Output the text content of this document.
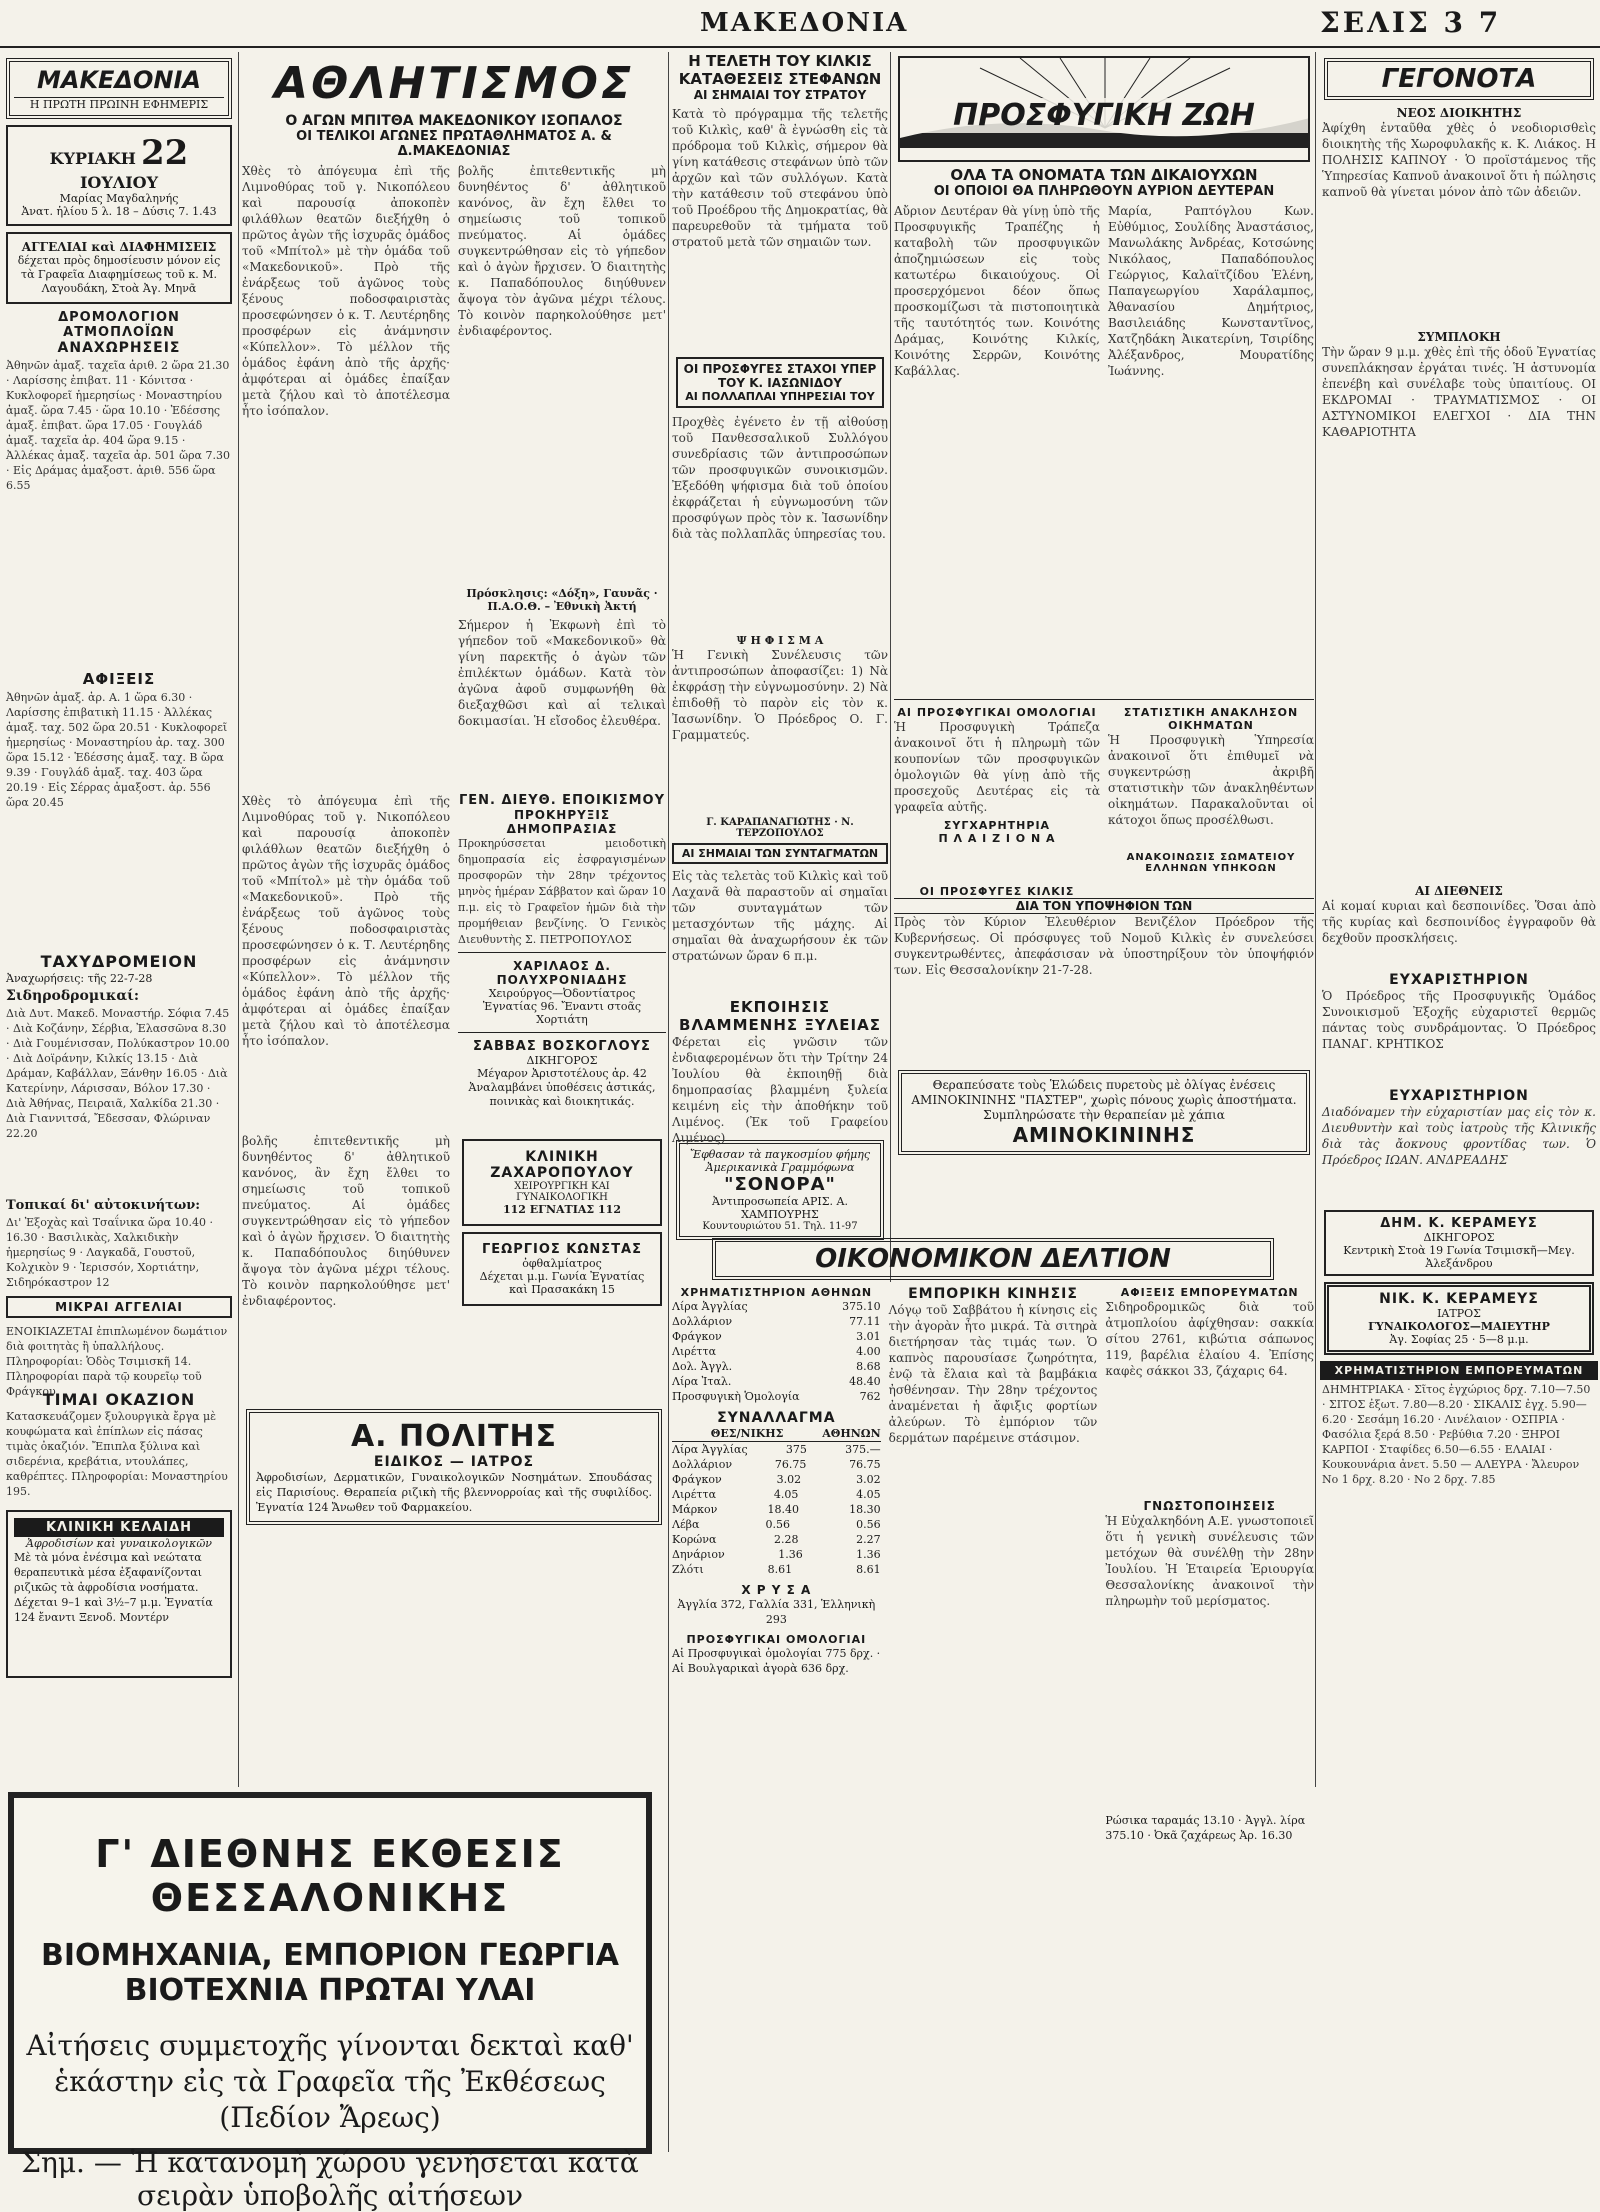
ΜΑΚΕΔΟΝΙΑ	ΣΕΛΙΣ 3 7
ΜΑΚΕΔΟΝΙΑ
Η ΠΡΩΤΗ ΠΡΩΙΝΗ ΕΦΗΜΕΡΙΣ
ΚΥΡΙΑΚΗ 22 ΙΟΥΛΙΟΥ
Μαρίας Μαγδαληνής
Ἀνατ. ἡλίου 5 λ. 18 – Δύσις 7. 1.43
ΑΓΓΕΛΙΑΙ καὶ ΔΙΑΦΗΜΙΣΕΙΣ
δέχεται πρὸς δημοσίευσιν μόνον εἰς τὰ Γραφεῖα Διαφημίσεως τοῦ κ. Μ. Λαγουδάκη, Στοὰ Ἀγ. Μηνᾶ
ΔΡΟΜΟΛΟΓΙΟΝ ΑΤΜΟΠΛΟΪΩΝ
ΑΝΑΧΩΡΗΣΕΙΣ
Ἀθηνῶν ἀμαξ. ταχεῖα ἀριθ. 2 ὥρα 21.30 · Λαρίσσης ἐπιβατ. 11 · Κόνιτσα · Κυκλοφορεῖ ἡμερησίως · Μοναστηρίου ἀμαξ. ὥρα 7.45 · ὥρα 10.10 · Ἑδέσσης ἀμαξ. ἐπιβατ. ὥρα 17.05 · Γουγλάδ ἀμαξ. ταχεῖα ἀρ. 404 ὥρα 9.15 · Ἀλλέκας ἀμαξ. ταχεῖα ἀρ. 501 ὥρα 7.30 · Εἰς Δράμας ἀμαξοστ. ἀριθ. 556 ὥρα 6.55
ΑΦΙΞΕΙΣ
Ἀθηνῶν ἀμαξ. ἀρ. Α. 1 ὥρα 6.30 · Λαρίσσης ἐπιβατικὴ 11.15 · Ἀλλέκας ἀμαξ. ταχ. 502 ὥρα 20.51 · Κυκλοφορεῖ ἡμερησίως · Μοναστηρίου ἀρ. ταχ. 300 ὥρα 15.12 · Ἑδέσσης ἀμαξ. ταχ. Β ὥρα 9.39 · Γουγλάδ ἀμαξ. ταχ. 403 ὥρα 20.19 · Εἰς Σέρρας ἀμαξοστ. ἀρ. 556 ὥρα 20.45
ΤΑΧΥΔΡΟΜΕΙΟΝ
Ἀναχωρήσεις: τῆς 22-7-28
Σιδηροδρομικαί:
Διὰ Δυτ. Μακεδ. Μοναστήρ. Σόφια 7.45 · Διὰ Κοζάνην, Σέρβια, Ἐλασσῶνα 8.30 · Διὰ Γουμένισσαν, Πολύκαστρον 10.00 · Διὰ Δοϊράνην, Κιλκίς 13.15 · Διὰ Δράμαν, Καβάλλαν, Ξάνθην 16.05 · Διὰ Κατερίνην, Λάρισσαν, Βόλον 17.30 · Διὰ Ἀθήνας, Πειραιᾶ, Χαλκίδα 21.30 · Διὰ Γιαννιτσά, Ἔδεσσαν, Φλώριναν 22.20
Τοπικαί δι' αὐτοκινήτων:
Δι' Ἐξοχὰς καὶ Τσαΐνικα ὥρα 10.40 · 16.30 · Βασιλικὰς, Χαλκιδικὴν ἡμερησίως 9 · Λαγκαδᾶ, Γουστοῦ, Κολχικὸν 9 · Ἰερισσόν, Χορτιάτην, Σιδηρόκαστρον 12
ΜΙΚΡΑΙ ΑΓΓΕΛΙΑΙ
ΕΝΟΙΚΙΑΖΕΤΑΙ ἐπιπλωμένον δωμάτιον διὰ φοιτητὰς ἢ ὑπαλλήλους. Πληροφορίαι: Ὁδὸς Τσιμισκῆ 14. Πληροφορίαι παρὰ τῷ κουρεῖῳ τοῦ Φράγκου.
ΤΙΜΑΙ ΟΚΑΖΙΟΝ
Κατασκευάζομεν ξυλουργικὰ ἔργα μὲ κουφώματα καὶ ἐπίπλων εἰς πάσας τιμὰς ὀκαζιόν. Ἔπιπλα ξύλινα καὶ σιδερένια, κρεβάτια, ντουλάπες, καθρέπτες. Πληροφορίαι: Μοναστηρίου 195.
ΚΛΙΝΙΚΗ ΚΕΛΑΙΔΗ
Ἀφροδισίων καὶ γυναικολογικῶν
Μὲ τὰ μόνα ἐνέσιμα καὶ νεώτατα θεραπευτικὰ μέσα ἐξαφανίζονται ριζικῶς τὰ ἀφροδίσια νοσήματα. Δέχεται 9–1 καὶ 3½–7 μ.μ. Ἐγνατία 124 ἔναντι Ξενοδ. Μοντέρν
ΑΘΛΗΤΙΣΜΟΣ
Ο ΑΓΩΝ ΜΠΙΤΘΑ ΜΑΚΕΔΟΝΙΚΟΥ ΙΣΟΠΑΛΟΣ
ΟΙ ΤΕΛΙΚΟΙ ΑΓΩΝΕΣ ΠΡΩΤΑΘΛΗΜΑΤΟΣ Α. & Δ.ΜΑΚΕΔΟΝΙΑΣ
Χθὲς τὸ ἀπόγευμα ἐπὶ τῆς Λιμνοθύρας τοῦ γ. Νικοπόλεου καὶ παρουσίᾳ ἀποκοπὲν φιλάθλων θεατῶν διεξήχθη ὁ πρῶτος ἀγὼν τῆς ἰσχυρᾶς ὁμάδος τοῦ «Μπίτολ» μὲ τὴν ὁμάδα τοῦ «Μακεδονικοῦ». Πρὸ τῆς ἐνάρξεως τοῦ ἀγῶνος τοὺς ξένους ποδοσφαιριστὰς προσεφώνησεν ὁ κ. Τ. Λευτέρηδης προσφέρων εἰς ἀνάμνησιν «Κύπελλον». Τὸ μέλλον τῆς ὁμάδος ἐφάνη ἀπὸ τῆς ἀρχῆς· ἀμφότεραι αἱ ὁμάδες ἐπαίξαν μετὰ ζήλου καὶ τὸ ἀποτέλεσμα ἦτο ἰσόπαλον.
βολῆς ἐπιτεθεντικῆς μὴ δυνηθέντος δ' ἀθλητικοῦ κανόνος, ἂν ἔχη ἔλθει το σημείωσις τοῦ τοπικοῦ πνεύματος. Αἱ ὁμάδες συγκεντρώθησαν εἰς τὸ γήπεδον καὶ ὁ ἀγὼν ἤρχισεν. Ὁ διαιτητὴς κ. Παπαδόπουλος διηύθυνεν ἄψογα τὸν ἀγῶνα μέχρι τέλους. Τὸ κοινὸν παρηκολούθησε μετ' ἐνδιαφέροντος.
Πρόσκλησις: «Δόξη», Γαυνᾶς · Π.Α.Ο.Θ. – Ἐθνικὴ Ἀκτή
Σήμερον ἡ Ἐκφωνὴ ἐπὶ τὸ γήπεδον τοῦ «Μακεδονικοῦ» θὰ γίνη παρεκτῆς ὁ ἀγὼν τῶν ἐπιλέκτων ὁμάδων. Κατὰ τὸν ἀγῶνα ἀφοῦ συμφωνήθη θὰ διεξαχθῶσι καὶ αἱ τελικαὶ δοκιμασίαι. Ἡ εἴσοδος ἐλευθέρα.
Χθὲς τὸ ἀπόγευμα ἐπὶ τῆς Λιμνοθύρας τοῦ γ. Νικοπόλεου καὶ παρουσίᾳ ἀποκοπὲν φιλάθλων θεατῶν διεξήχθη ὁ πρῶτος ἀγὼν τῆς ἰσχυρᾶς ὁμάδος τοῦ «Μπίτολ» μὲ τὴν ὁμάδα τοῦ «Μακεδονικοῦ». Πρὸ τῆς ἐνάρξεως τοῦ ἀγῶνος τοὺς ξένους ποδοσφαιριστὰς προσεφώνησεν ὁ κ. Τ. Λευτέρηδης προσφέρων εἰς ἀνάμνησιν «Κύπελλον». Τὸ μέλλον τῆς ὁμάδος ἐφάνη ἀπὸ τῆς ἀρχῆς· ἀμφότεραι αἱ ὁμάδες ἐπαίξαν μετὰ ζήλου καὶ τὸ ἀποτέλεσμα ἦτο ἰσόπαλον.
ΓΕΝ. ΔΙΕΥΘ. ΕΠΟΙΚΙΣΜΟΥ
ΠΡΟΚΗΡΥΞΙΣ ΔΗΜΟΠΡΑΣΙΑΣ
Προκηρύσσεται μειοδοτικὴ δημοπρασία εἰς ἐσφραγισμένων προσφορῶν τὴν 28ην τρέχοντος μηνὸς ἡμέραν Σάββατον καὶ ὥραν 10 π.μ. εἰς τὸ Γραφεῖον ἡμῶν διὰ τὴν προμήθειαν βενζίνης. Ὁ Γενικὸς Διευθυντὴς Σ. ΠΕΤΡΟΠΟΥΛΟΣ
ΧΑΡΙΛΑΟΣ Δ. ΠΟΛΥΧΡΟΝΙΑΔΗΣ
Χειρούργος—Ὀδοντίατρος
Ἐγνατίας 96. Ἔναντι στοᾶς Χορτιάτη
ΣΑΒΒΑΣ ΒΟΣΚΟΓΛΟΥΣ
ΔΙΚΗΓΟΡΟΣ
Μέγαρον Ἀριστοτέλους ἀρ. 42 Ἀναλαμβάνει ὑποθέσεις ἀστικάς, ποινικὰς καὶ διοικητικάς.
βολῆς ἐπιτεθεντικῆς μὴ δυνηθέντος δ' ἀθλητικοῦ κανόνος, ἂν ἔχη ἔλθει το σημείωσις τοῦ τοπικοῦ πνεύματος. Αἱ ὁμάδες συγκεντρώθησαν εἰς τὸ γήπεδον καὶ ὁ ἀγὼν ἤρχισεν. Ὁ διαιτητὴς κ. Παπαδόπουλος διηύθυνεν ἄψογα τὸν ἀγῶνα μέχρι τέλους. Τὸ κοινὸν παρηκολούθησε μετ' ἐνδιαφέροντος.
ΚΛΙΝΙΚΗ ΖΑΧΑΡΟΠΟΥΛΟΥ
ΧΕΙΡΟΥΡΓΙΚΗ ΚΑΙ ΓΥΝΑΙΚΟΛΟΓΙΚΗ
112 ΕΓΝΑΤΙΑΣ 112
ΓΕΩΡΓΙΟΣ ΚΩΝΣΤΑΣ
ὀφθαλμίατρος
Δέχεται μ.μ. Γωνία Ἐγνατίας καὶ Πρασακάκη 15
Α. ΠΟΛΙΤΗΣ
ΕΙΔΙΚΟΣ — ΙΑΤΡΟΣ
Ἀφροδισίων, Δερματικῶν, Γυναικολογικῶν Νοσημάτων. Σπουδάσας εἰς Παρισίους. Θεραπεία ριζικὴ τῆς βλεννορροίας καὶ τῆς συφιλίδος. Ἐγνατία 124 Ἄνωθεν τοῦ Φαρμακείου.
Η ΤΕΛΕΤΗ ΤΟΥ ΚΙΛΚΙΣ
ΚΑΤΑΘΕΣΕΙΣ ΣΤΕΦΑΝΩΝ
ΑΙ ΣΗΜΑΙΑΙ ΤΟΥ ΣΤΡΑΤΟΥ
Κατὰ τὸ πρόγραμμα τῆς τελετῆς τοῦ Κιλκὶς, καθ' ἃ ἐγνώσθη εἰς τὰ πρόδρομα τοῦ Κιλκὶς, σήμερον θὰ γίνη κατάθεσις στεφάνων ὑπὸ τῶν ἀρχῶν καὶ τῶν συλλόγων. Κατὰ τὴν κατάθεσιν τοῦ στεφάνου ὑπὸ τοῦ Προέδρου τῆς Δημοκρατίας, θὰ παρευρεθοῦν τὰ τμήματα τοῦ στρατοῦ μετὰ τῶν σημαιῶν των.
ΟΙ ΠΡΟΣΦΥΓΕΣ ΣΤΑΧΟΙ ΥΠΕΡ ΤΟΥ Κ. ΙΑΣΩΝΙΔΟΥ
ΑΙ ΠΟΛΛΑΠΛΑΙ ΥΠΗΡΕΣΙΑΙ ΤΟΥ
Προχθὲς ἐγένετο ἐν τῇ αἰθούσῃ τοῦ Πανθεσσαλικοῦ Συλλόγου συνεδρίασις τῶν ἀντιπροσώπων τῶν προσφυγικῶν συνοικισμῶν. Ἐξεδόθη ψήφισμα διὰ τοῦ ὁποίου ἐκφράζεται ἡ εὐγνωμοσύνη τῶν προσφύγων πρὸς τὸν κ. Ἰασωνίδην διὰ τὰς πολλαπλᾶς ὑπηρεσίας του.
Ψ Η Φ Ι Σ Μ Α
Ἡ Γενικὴ Συνέλευσις τῶν ἀντιπροσώπων ἀποφασίζει: 1) Νὰ ἐκφράσῃ τὴν εὐγνωμοσύνην. 2) Νὰ ἐπιδοθῇ τὸ παρὸν εἰς τὸν κ. Ἰασωνίδην. Ὁ Πρόεδρος Ο. Γ. Γραμματεύς.
Γ. ΚΑΡΑΠΑΝΑΓΙΩΤΗΣ · Ν. ΤΕΡΖΟΠΟΥΛΟΣ
ΑΙ ΣΗΜΑΙΑΙ ΤΩΝ ΣΥΝΤΑΓΜΑΤΩΝ
Εἰς τὰς τελετὰς τοῦ Κιλκὶς καὶ τοῦ Λαχανᾶ θὰ παραστοῦν αἱ σημαῖαι τῶν συνταγμάτων τῶν μετασχόντων τῆς μάχης. Αἱ σημαῖαι θὰ ἀναχωρήσουν ἐκ τῶν στρατώνων ὥραν 6 π.μ.
ΕΚΠΟΙΗΣΙΣ ΒΛΑΜΜΕΝΗΣ ΞΥΛΕΙΑΣ
Φέρεται εἰς γνῶσιν τῶν ἐνδιαφερομένων ὅτι τὴν Τρίτην 24 Ἰουλίου θὰ ἐκποιηθῇ διὰ δημοπρασίας βλαμμένη ξυλεία κειμένη εἰς τὴν ἀποθήκην τοῦ Λιμένος. (Ἐκ τοῦ Γραφείου Λιμένος)
Ἔφθασαν τὰ παγκοσμίου φήμης Ἀμερικανικὰ Γραμμόφωνα
"ΣΟΝΟΡΑ"
Ἀντιπροσωπεία ΑΡΙΣ. Α. ΧΑΜΠΟΥΡΗΣ
Κουντουριώτου 51. Τηλ. 11-97
ΠΡΟΣΦΥΓΙΚΗ ΖΩΗ
ΟΛΑ ΤΑ ΟΝΟΜΑΤΑ ΤΩΝ ΔΙΚΑΙΟΥΧΩΝ
ΟΙ ΟΠΟΙΟΙ ΘΑ ΠΛΗΡΩΘΟΥΝ ΑΥΡΙΟΝ ΔΕΥΤΕΡΑΝ
Αὔριον Δευτέραν θὰ γίνῃ ὑπὸ τῆς Προσφυγικῆς Τραπέζης ἡ καταβολὴ τῶν προσφυγικῶν ἀποζημιώσεων εἰς τοὺς κατωτέρω δικαιούχους. Οἱ προσερχόμενοι δέον ὅπως προσκομίζωσι τὰ πιστοποιητικὰ τῆς ταυτότητός των. Κοινότης Δράμας, Κοινότης Κιλκίς, Κοινότης Σερρῶν, Κοινότης Καβάλλας.
Μαρία, Ραπτόγλου Κων. Εὐθύμιος, Σουλίδης Ἀναστάσιος, Μανωλάκης Ἀνδρέας, Κοτσώνης Νικόλαος, Παπαδόπουλος Γεώργιος, Καλαϊτζίδου Ἑλένη, Παπαγεωργίου Χαράλαμπος, Ἀθανασίου Δημήτριος, Βασιλειάδης Κωνσταντῖνος, Χατζηδάκη Ἀικατερίνη, Τσιρίδης Ἀλέξανδρος, Μουρατίδης Ἰωάννης.
ΑΙ ΠΡΟΣΦΥΓΙΚΑΙ ΟΜΟΛΟΓΙΑΙ
Ἡ Προσφυγικὴ Τράπεζα ἀνακοινοῖ ὅτι ἡ πληρωμὴ τῶν κουπονίων τῶν προσφυγικῶν ὁμολογιῶν θὰ γίνῃ ἀπὸ τῆς προσεχοῦς Δευτέρας εἰς τὰ γραφεῖα αὐτῆς.
ΣΥΓΧΑΡΗΤΗΡΙΑ
Π Λ Α Ι Ζ Ι Ο Ν Α
ΟΙ ΠΡΟΣΦΥΓΕΣ ΚΙΛΚΙΣ
ΣΤΑΤΙΣΤΙΚΗ ΑΝΑΚΛΗΣΟΝ ΟΙΚΗΜΑΤΩΝ
Ἡ Προσφυγικὴ Ὑπηρεσία ἀνακοινοῖ ὅτι ἐπιθυμεῖ νὰ συγκεντρώσῃ ἀκριβῆ στατιστικὴν τῶν ἀνακληθέντων οἰκημάτων. Παρακαλοῦνται οἱ κάτοχοι ὅπως προσέλθωσι.
ΑΝΑΚΟΙΝΩΣΙΣ ΣΩΜΑΤΕΙΟΥ ΕΛΛΗΝΩΝ ΥΠΗΚΟΩΝ
ΔΙΑ ΤΟΝ ΥΠΟΨΗΦΙΟΝ ΤΩΝ
Πρὸς τὸν Κύριον Ἐλευθέριον Βενιζέλον Πρόεδρον τῆς Κυβερνήσεως. Οἱ πρόσφυγες τοῦ Νομοῦ Κιλκὶς ἐν συνελεύσει συγκεντρωθέντες, ἀπεφάσισαν νὰ ὑποστηρίξουν τὸν ὑποψήφιόν των. Εἰς Θεσσαλονίκην 21-7-28.
Θεραπεύσατε τοὺς Ἑλώδεις πυρετοὺς μὲ ὀλίγας ἐνέσεις ΑΜΙΝΟΚΙΝΙΝΗΣ "ΠΑΣΤΕΡ", χωρὶς πόνους χωρὶς ἀποστήματα. Συμπληρώσατε τὴν θεραπείαν μὲ χάπια
ΑΜΙΝΟΚΙΝΙΝΗΣ
ΓΕΓΟΝΟΤΑ
ΝΕΟΣ ΔΙΟΙΚΗΤΗΣ
Ἀφίχθη ἐνταῦθα χθὲς ὁ νεοδιορισθεὶς διοικητὴς τῆς Χωροφυλακῆς κ. Κ. Λιάκος. Η ΠΟΛΗΣΙΣ ΚΑΠΝΟΥ · Ὁ προϊστάμενος τῆς Ὑπηρεσίας Καπνοῦ ἀνακοινοῖ ὅτι ἡ πώλησις καπνοῦ θὰ γίνεται μόνον ἀπὸ τῶν ἀδειῶν.
ΣΥΜΠΛΟΚΗ
Τὴν ὥραν 9 μ.μ. χθὲς ἐπὶ τῆς ὁδοῦ Ἐγνατίας συνεπλάκησαν ἐργάται τινές. Ἡ ἀστυνομία ἐπενέβη καὶ συνέλαβε τοὺς ὑπαιτίους. ΟΙ ΕΚΔΡΟΜΑΙ · ΤΡΑΥΜΑΤΙΣΜΟΣ · ΟΙ ΑΣΤΥΝΟΜΙΚΟΙ ΕΛΕΓΧΟΙ · ΔΙΑ ΤΗΝ ΚΑΘΑΡΙΟΤΗΤΑ
ΑΙ ΔΙΕΘΝΕΙΣ
Αἱ κομαί κυριαι καὶ δεσποινίδες. Ὅσαι ἀπὸ τῆς κυρίας καὶ δεσποινίδος ἐγγραφοῦν θὰ δεχθοῦν προσκλήσεις.
ΕΥΧΑΡΙΣΤΗΡΙΟΝ
Ὁ Πρόεδρος τῆς Προσφυγικῆς Ὁμάδος Συνοικισμοῦ Ἐξοχῆς εὐχαριστεῖ θερμῶς πάντας τοὺς συνδράμοντας. Ὁ Πρόεδρος ΠΑΝΑΓ. ΚΡΗΤΙΚΟΣ
ΕΥΧΑΡΙΣΤΗΡΙΟΝ
Διαδόναμεν τὴν εὐχαριστίαν μας εἰς τὸν κ. Διευθυντὴν καὶ τοὺς ἰατροὺς τῆς Κλινικῆς διὰ τὰς ἄοκνους φροντίδας των. Ὁ Πρόεδρος ΙΩΑΝ. ΑΝΔΡΕΑΔΗΣ
ΔΗΜ. Κ. ΚΕΡΑΜΕΥΣ
ΔΙΚΗΓΟΡΟΣ
Κεντρικὴ Στοὰ 19 Γωνία Τσιμισκῆ—Μεγ. Ἀλεξάνδρου
ΝΙΚ. Κ. ΚΕΡΑΜΕΥΣ
ΙΑΤΡΟΣ
ΓΥΝΑΙΚΟΛΟΓΟΣ—ΜΑΙΕΥΤΗΡ
Ἀγ. Σοφίας 25 · 5—8 μ.μ.
ΧΡΗΜΑΤΙΣΤΗΡΙΟΝ ΕΜΠΟΡΕΥΜΑΤΩΝ
ΔΗΜΗΤΡΙΑΚΑ · Σῖτος ἐγχώριος δρχ. 7.10—7.50 · ΣΙΤΟΣ ἐξωτ. 7.80—8.20 · ΣΙΚΑΛΙΣ ἐγχ. 5.90—6.20 · Σεσάμη 16.20 · Λινέλαιον · ΟΣΠΡΙΑ · Φασόλια ξερά 8.50 · Ρεβύθια 7.20 · ΞΗΡΟΙ ΚΑΡΠΟΙ · Σταφίδες 6.50—6.55 · ΕΛΑΙΑΙ · Κουκουνάρια ἀνετ. 5.50 — ΑΛΕΥΡΑ · Ἄλευρον Νο 1 δρχ. 8.20 · Νο 2 δρχ. 7.85
ΟΙΚΟΝΟΜΙΚΟΝ ΔΕΛΤΙΟΝ
ΧΡΗΜΑΤΙΣΤΗΡΙΟΝ ΑΘΗΝΩΝ
Λίρα Ἀγγλίας	375.10
Δολλάριον	77.11
Φράγκον	3.01
Λιρέττα	4.00
Δολ. Ἀγγλ.	8.68
Λίρα Ἰταλ.	48.40
Προσφυγικὴ Ὁμολογία	762
ΣΥΝΑΛΛΑΓΜΑ
ΘΕΣ/ΝΙΚΗΣ	ΑΘΗΝΩΝ
Λίρα Ἀγγλίας	375	375.—
Δολλάριον	76.75	76.75
Φράγκον	3.02	3.02
Λιρέττα	4.05	4.05
Μάρκον	18.40	18.30
Λέβα	0.56	0.56
Κορώνα	2.28	2.27
Δηνάριον	1.36	1.36
Ζλότι	8.61	8.61
Χ Ρ Υ Σ Α
Ἀγγλία 372, Γαλλία 331, Ἑλληνικὴ 293
ΠΡΟΣΦΥΓΙΚΑΙ ΟΜΟΛΟΓΙΑΙ
Αἱ Προσφυγικαὶ ὁμολογίαι 775 δρχ. · Αἱ Βουλγαρικαὶ ἀγορὰ 636 δρχ.
ΕΜΠΟΡΙΚΗ ΚΙΝΗΣΙΣ
Λόγῳ τοῦ Σαββάτου ἡ κίνησις εἰς τὴν ἀγορὰν ἦτο μικρά. Τὰ σιτηρὰ διετήρησαν τὰς τιμάς των. Ὁ καπνὸς παρουσίασε ζωηρότητα, ἐνῷ τὰ ἔλαια καὶ τὰ βαμβάκια ἠσθένησαν. Τὴν 28ην τρέχοντος ἀναμένεται ἡ ἄφιξις φορτίων ἀλεύρων. Τὸ ἐμπόριον τῶν δερμάτων παρέμεινε στάσιμον.
ΑΦΙΞΕΙΣ ΕΜΠΟΡΕΥΜΑΤΩΝ
Σιδηροδρομικῶς διὰ τοῦ ἀτμοπλοίου ἀφίχθησαν: σακκία σίτου 2761, κιβώτια σάπωνος 119, βαρέλια ἐλαίου 4. Ἐπίσης καφὲς σάκκοι 33, ζάχαρις 64.
ΓΝΩΣΤΟΠΟΙΗΣΕΙΣ
Ἡ Εὐχαλκηδόνη Α.Ε. γνωστοποιεῖ ὅτι ἡ γενικὴ συνέλευσις τῶν μετόχων θὰ συνέλθῃ τὴν 28ην Ἰουλίου. Ἡ Ἑταιρεία Ἐριουργία Θεσσαλονίκης ἀνακοινοῖ τὴν πληρωμὴν τοῦ μερίσματος.
Ρώσικα ταραμάς 13.10 · Ἀγγλ. λίρα 375.10 · Ὀκᾶ ζαχάρεως Ἀρ. 16.30
Γ' ΔΙΕΘΝΗΣ ΕΚΘΕΣΙΣ ΘΕΣΣΑΛΟΝΙΚΗΣ
ΒΙΟΜΗΧΑΝΙΑ, ΕΜΠΟΡΙΟΝ ΓΕΩΡΓΙΑ ΒΙΟΤΕΧΝΙΑ ΠΡΩΤΑΙ ΥΛΑΙ
Αἰτήσεις συμμετοχῆς γίνονται δεκταὶ καθ' ἑκάστην εἰς τὰ Γραφεῖα τῆς Ἐκθέσεως (Πεδίον Ἄρεως)
Σημ. — Ἡ κατανομὴ χώρου γενήσεται κατὰ σειρὰν ὑποβολῆς αἰτήσεων
